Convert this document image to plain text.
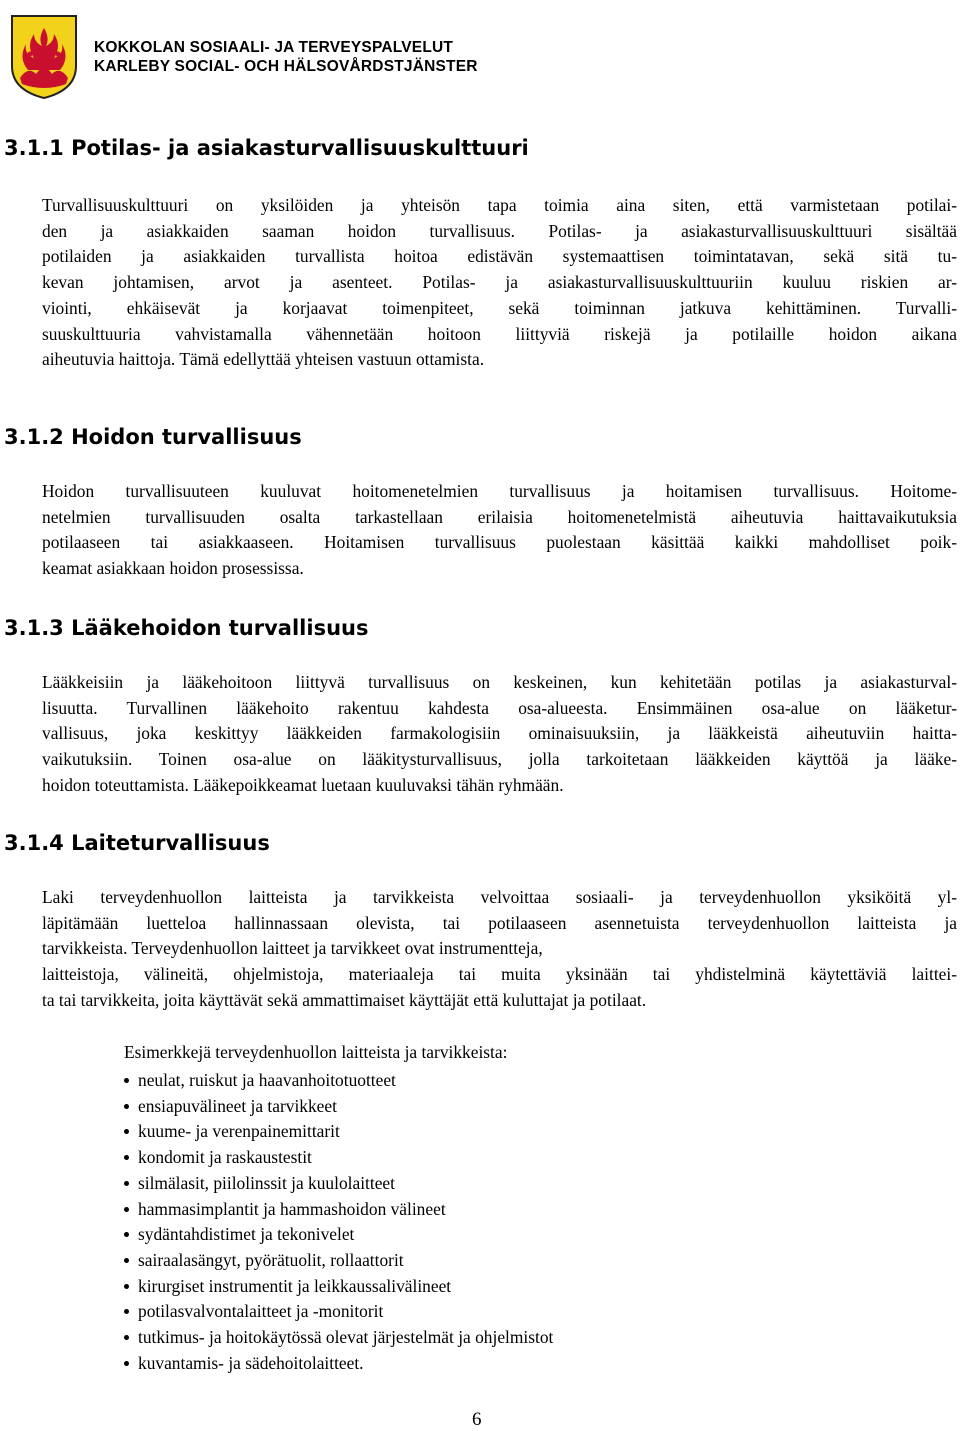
KOKKOLAN SOSIAALI- JA TERVEYSPALVELUT
KARLEBY SOCIAL- OCH HÄLSOVÅRDSTJÄNSTER
3.1.1 Potilas- ja asiakasturvallisuuskulttuuri
Turvallisuuskulttuuri on yksilöiden ja yhteisön tapa toimia aina siten, että varmistetaan potilai-
den ja asiakkaiden saaman hoidon turvallisuus. Potilas- ja asiakasturvallisuuskulttuuri sisältää
potilaiden ja asiakkaiden turvallista hoitoa edistävän systemaattisen toimintatavan, sekä sitä tu-
kevan johtamisen, arvot ja asenteet. Potilas- ja asiakasturvallisuuskulttuuriin kuuluu riskien ar-
viointi, ehkäisevät ja korjaavat toimenpiteet, sekä toiminnan jatkuva kehittäminen. Turvalli-
suuskulttuuria vahvistamalla vähennetään hoitoon liittyviä riskejä ja potilaille hoidon aikana
aiheutuvia haittoja. Tämä edellyttää yhteisen vastuun ottamista.
3.1.2 Hoidon turvallisuus
Hoidon turvallisuuteen kuuluvat hoitomenetelmien turvallisuus ja hoitamisen turvallisuus. Hoitome-
netelmien turvallisuuden osalta tarkastellaan erilaisia hoitomenetelmistä aiheutuvia haittavaikutuksia
potilaaseen tai asiakkaaseen. Hoitamisen turvallisuus puolestaan käsittää kaikki mahdolliset poik-
keamat asiakkaan hoidon prosessissa.
3.1.3 Lääkehoidon turvallisuus
Lääkkeisiin ja lääkehoitoon liittyvä turvallisuus on keskeinen, kun kehitetään potilas ja asiakasturval-
lisuutta. Turvallinen lääkehoito rakentuu kahdesta osa-alueesta. Ensimmäinen osa-alue on lääketur-
vallisuus, joka keskittyy lääkkeiden farmakologisiin ominaisuuksiin, ja lääkkeistä aiheutuviin haitta-
vaikutuksiin. Toinen osa-alue on lääkitysturvallisuus, jolla tarkoitetaan lääkkeiden käyttöä ja lääke-
hoidon toteuttamista. Lääkepoikkeamat luetaan kuuluvaksi tähän ryhmään.
3.1.4 Laiteturvallisuus
Laki terveydenhuollon laitteista ja tarvikkeista velvoittaa sosiaali- ja terveydenhuollon yksiköitä yl-
läpitämään luetteloa hallinnassaan olevista, tai potilaaseen asennetuista terveydenhuollon laitteista ja
tarvikkeista. Terveydenhuollon laitteet ja tarvikkeet ovat instrumentteja,
laitteistoja, välineitä, ohjelmistoja, materiaaleja tai muita yksinään tai yhdistelminä käytettäviä laittei-
ta tai tarvikkeita, joita käyttävät sekä ammattimaiset käyttäjät että kuluttajat ja potilaat.
Esimerkkejä terveydenhuollon laitteista ja tarvikkeista:
neulat, ruiskut ja haavanhoitotuotteet
ensiapuvälineet ja tarvikkeet
kuume- ja verenpainemittarit
kondomit ja raskaustestit
silmälasit, piilolinssit ja kuulolaitteet
hammasimplantit ja hammashoidon välineet
sydäntahdistimet ja tekonivelet
sairaalasängyt, pyörätuolit, rollaattorit
kirurgiset instrumentit ja leikkaussalivälineet
potilasvalvontalaitteet ja -monitorit
tutkimus- ja hoitokäytössä olevat järjestelmät ja ohjelmistot
kuvantamis- ja sädehoitolaitteet.
6
